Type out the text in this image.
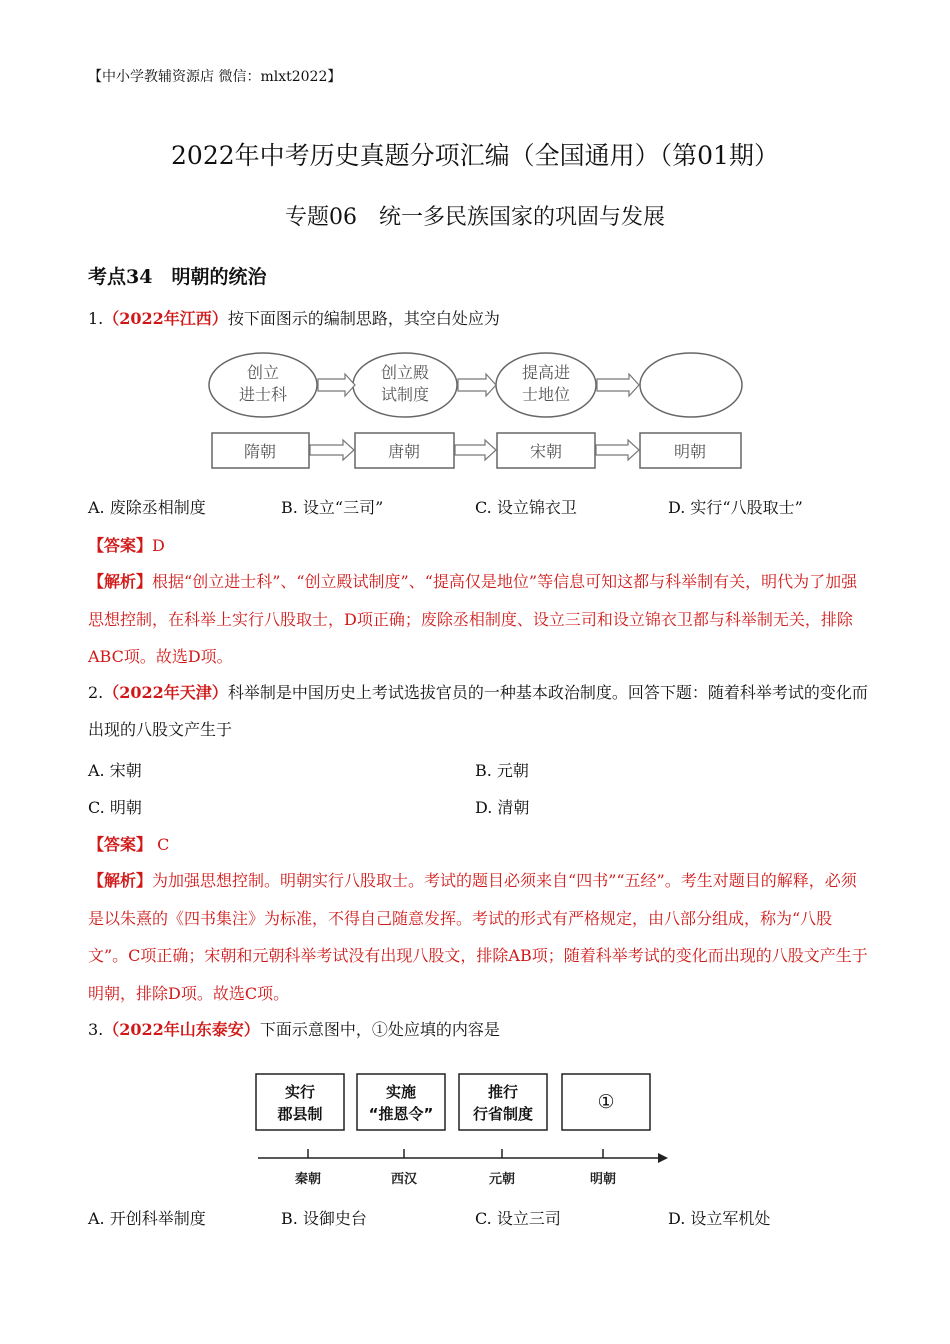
【中小学教辅资源店 微信：mlxt2022】
2022年中考历史真题分项汇编（全国通用）（第01期）
专题06　统一多民族国家的巩固与发展
考点34　明朝的统治
1.（2022年江西）按下面图示的编制思路，其空白处应为
创立
进士科
创立殿
试制度
提高进
士地位
隋朝	唐朝	宋朝	明朝
A. 废除丞相制度	B. 设立“三司”	C. 设立锦衣卫	D. 实行“八股取士”
【答案】D
【解析】根据“创立进士科”、“创立殿试制度”、“提高仅是地位”等信息可知这都与科举制有关，明代为了加强思想控制，在科举上实行八股取士，D项正确；废除丞相制度、设立三司和设立锦衣卫都与科举制无关，排除ABC项。故选D项。
2.（2022年天津）科举制是中国历史上考试选拔官员的一种基本政治制度。回答下题：随着科举考试的变化而出现的八股文产生于
A. 宋朝	B. 元朝
C. 明朝	D. 清朝
【答案】 C
【解析】为加强思想控制。明朝实行八股取士。考试的题目必须来自“四书”“五经”。考生对题目的解释，必须是以朱熹的《四书集注》为标准，不得自己随意发挥。考试的形式有严格规定，由八部分组成，称为“八股文”。C项正确；宋朝和元朝科举考试没有出现八股文，排除AB项；随着科举考试的变化而出现的八股文产生于明朝，排除D项。故选C项。
3.（2022年山东泰安）下面示意图中，①处应填的内容是
实行
郡县制
实施
“推恩令”
推行
行省制度
①
秦朝	西汉	元朝	明朝
A. 开创科举制度	B. 设御史台	C. 设立三司	D. 设立军机处
